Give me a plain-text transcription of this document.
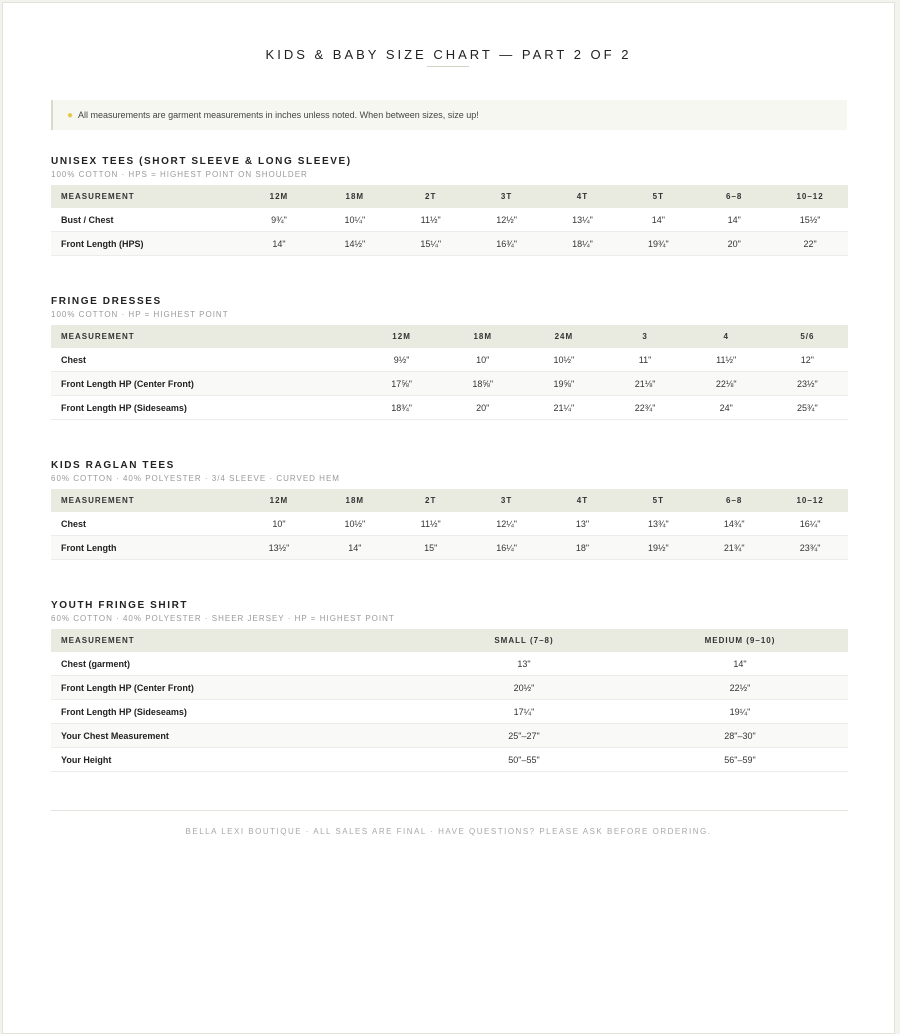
KIDS & BABY SIZE CHART — PART 2 OF 2
● All measurements are garment measurements in inches unless noted. When between sizes, size up!
UNISEX TEES (SHORT SLEEVE & LONG SLEEVE)
100% COTTON · HPS = HIGHEST POINT ON SHOULDER
MEASUREMENT	12M	18M	2T	3T	4T	5T	6–8	10–12
Bust / Chest	9¾"	10¼"	11½"	12½"	13¼"	14"	14"	15½"
Front Length (HPS)	14"	14½"	15¼"	16¾"	18¼"	19¾"	20"	22"
FRINGE DRESSES
100% COTTON · HP = HIGHEST POINT
MEASUREMENT	12M	18M	24M	3	4	5/6
Chest	9½"	10"	10½"	11"	11½"	12"
Front Length HP (Center Front)	17⅝"	18⅝"	19⅝"	21⅛"	22⅛"	23½"
Front Length HP (Sideseams)	18¾"	20"	21¼"	22¾"	24"	25¾"
KIDS RAGLAN TEES
60% COTTON · 40% POLYESTER · 3/4 SLEEVE · CURVED HEM
MEASUREMENT	12M	18M	2T	3T	4T	5T	6–8	10–12
Chest	10"	10½"	11½"	12¼"	13"	13¾"	14¾"	16¼"
Front Length	13½"	14"	15"	16¼"	18"	19½"	21¾"	23¾"
YOUTH FRINGE SHIRT
60% COTTON · 40% POLYESTER · SHEER JERSEY · HP = HIGHEST POINT
MEASUREMENT	SMALL (7–8)	MEDIUM (9–10)
Chest (garment)	13"	14"
Front Length HP (Center Front)	20½"	22½"
Front Length HP (Sideseams)	17¼"	19¼"
Your Chest Measurement	25"–27"	28"–30"
Your Height	50"–55"	56"–59"
BELLA LEXI BOUTIQUE · ALL SALES ARE FINAL · HAVE QUESTIONS? PLEASE ASK BEFORE ORDERING.
